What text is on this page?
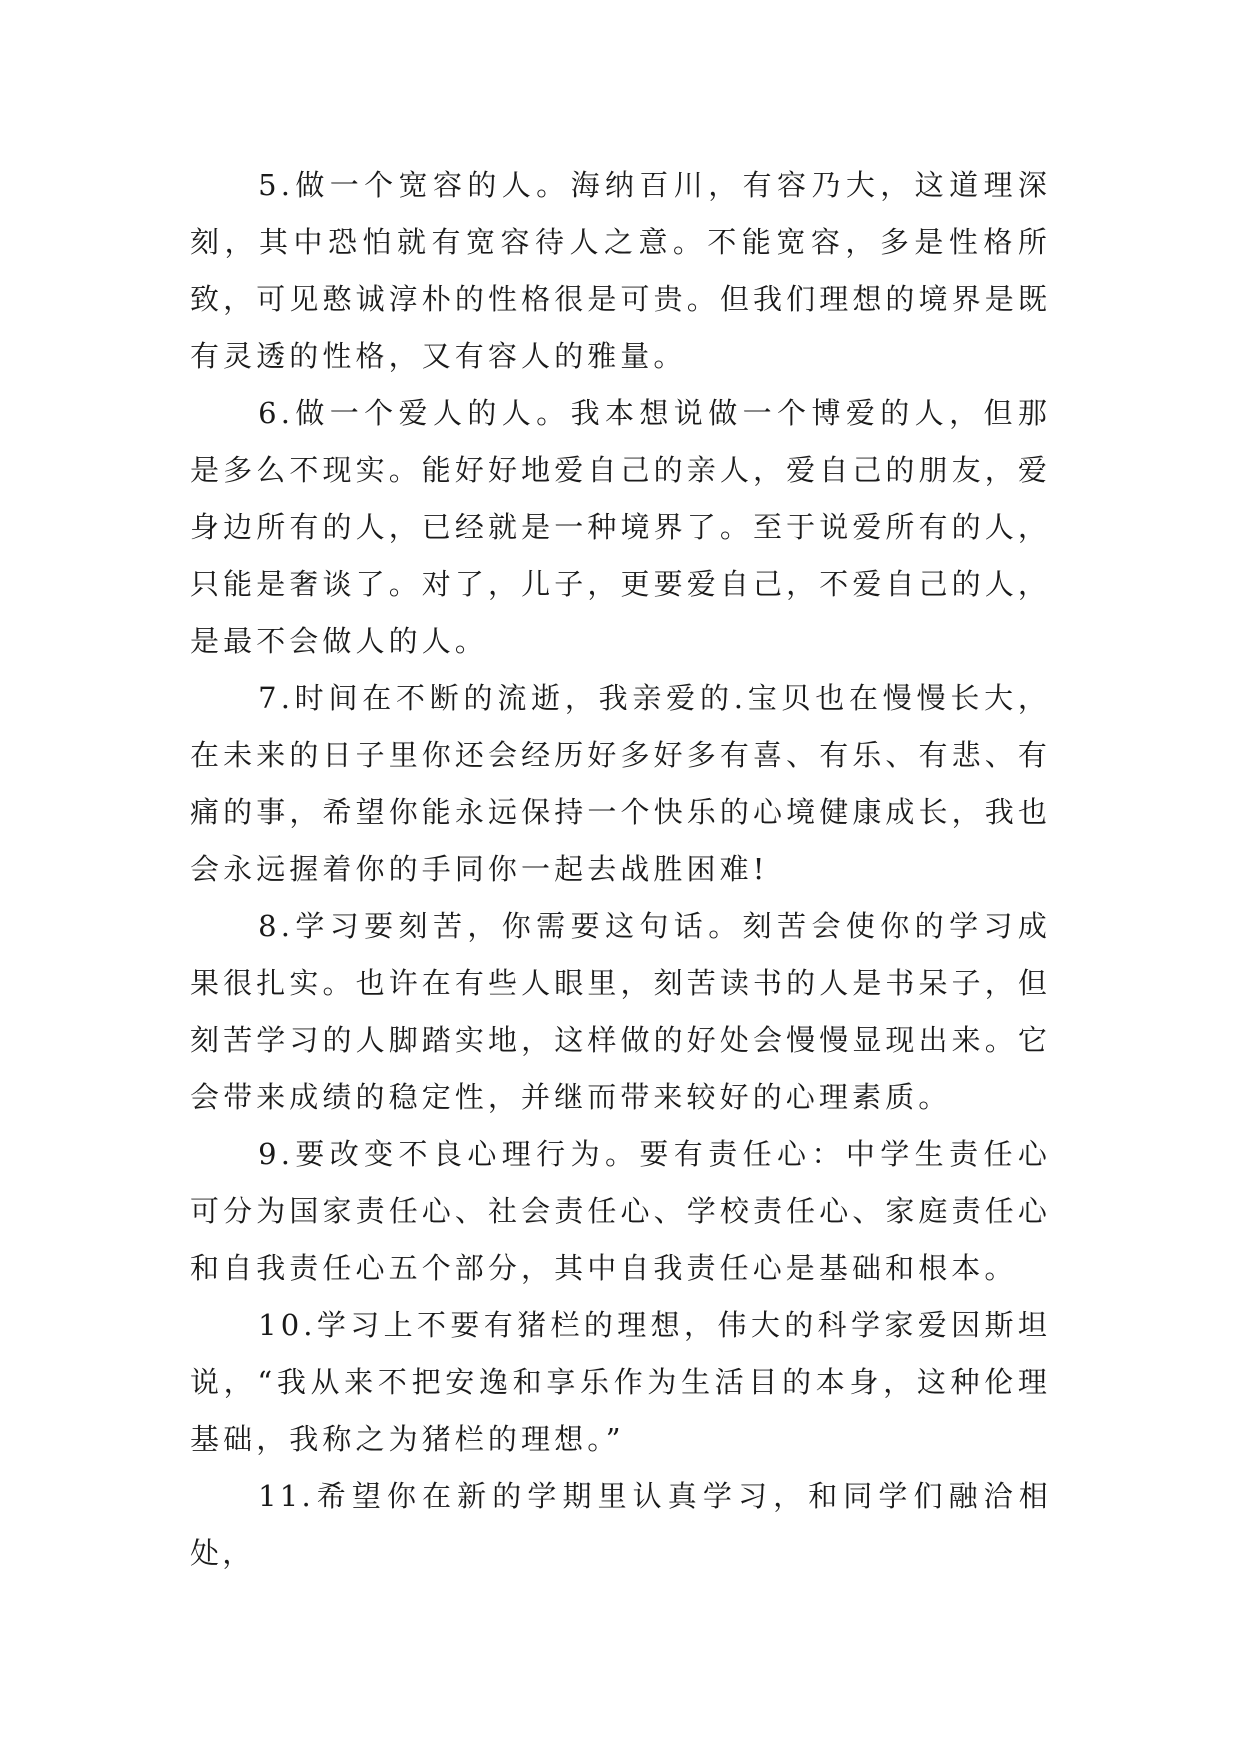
5.做一个宽容的人。海纳百川，有容乃大，这道理深刻，其中恐怕就有宽容待人之意。不能宽容，多是性格所致，可见憨诚淳朴的性格很是可贵。但我们理想的境界是既有灵透的性格，又有容人的雅量。

6.做一个爱人的人。我本想说做一个博爱的人，但那是多么不现实。能好好地爱自己的亲人，爱自己的朋友，爱身边所有的人，已经就是一种境界了。至于说爱所有的人，只能是奢谈了。对了，儿子，更要爱自己，不爱自己的人，是最不会做人的人。

7.时间在不断的流逝，我亲爱的.宝贝也在慢慢长大，在未来的日子里你还会经历好多好多有喜、有乐、有悲、有痛的事，希望你能永远保持一个快乐的心境健康成长，我也会永远握着你的手同你一起去战胜困难!

8.学习要刻苦，你需要这句话。刻苦会使你的学习成果很扎实。也许在有些人眼里，刻苦读书的人是书呆子，但刻苦学习的人脚踏实地，这样做的好处会慢慢显现出来。它会带来成绩的稳定性，并继而带来较好的心理素质。

9.要改变不良心理行为。要有责任心：中学生责任心可分为国家责任心、社会责任心、学校责任心、家庭责任心和自我责任心五个部分，其中自我责任心是基础和根本。

10.学习上不要有猪栏的理想，伟大的科学家爱因斯坦说，“我从来不把安逸和享乐作为生活目的本身，这种伦理基础，我称之为猪栏的理想。”

11.希望你在新的学期里认真学习，和同学们融洽相处，
